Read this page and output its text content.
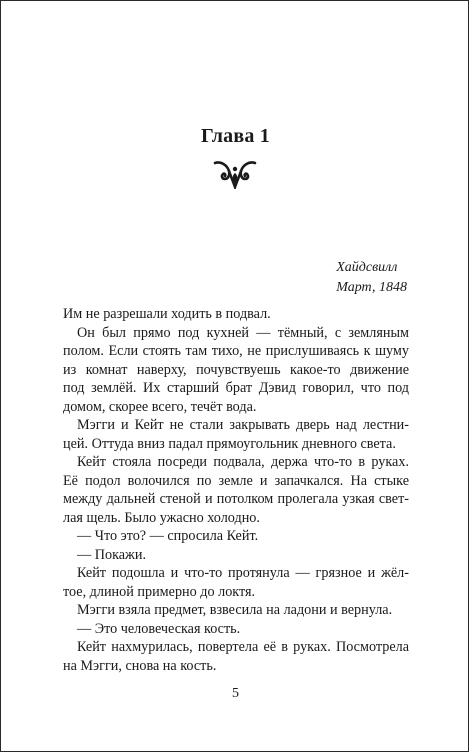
Глава 1
Хайдсвилл
Март, 1848
Им не разрешали ходить в подвал.
Он был прямо под кухней — тёмный, с земляным
полом. Если стоять там тихо, не прислушиваясь к шуму
из комнат наверху, почувствуешь какое-то движение
под землёй. Их старший брат Дэвид говорил, что под
домом, скорее всего, течёт вода.
Мэгги и Кейт не стали закрывать дверь над лестни-
цей. Оттуда вниз падал прямоугольник дневного света.
Кейт стояла посреди подвала, держа что-то в руках.
Её подол волочился по земле и запачкался. На стыке
между дальней стеной и потолком пролегала узкая свет-
лая щель. Было ужасно холодно.
— Что это? — спросила Кейт.
— Покажи.
Кейт подошла и что-то протянула — грязное и жёл-
тое, длиной примерно до локтя.
Мэгги взяла предмет, взвесила на ладони и вернула.
— Это человеческая кость.
Кейт нахмурилась, повертела её в руках. Посмотрела
на Мэгги, снова на кость.
5
